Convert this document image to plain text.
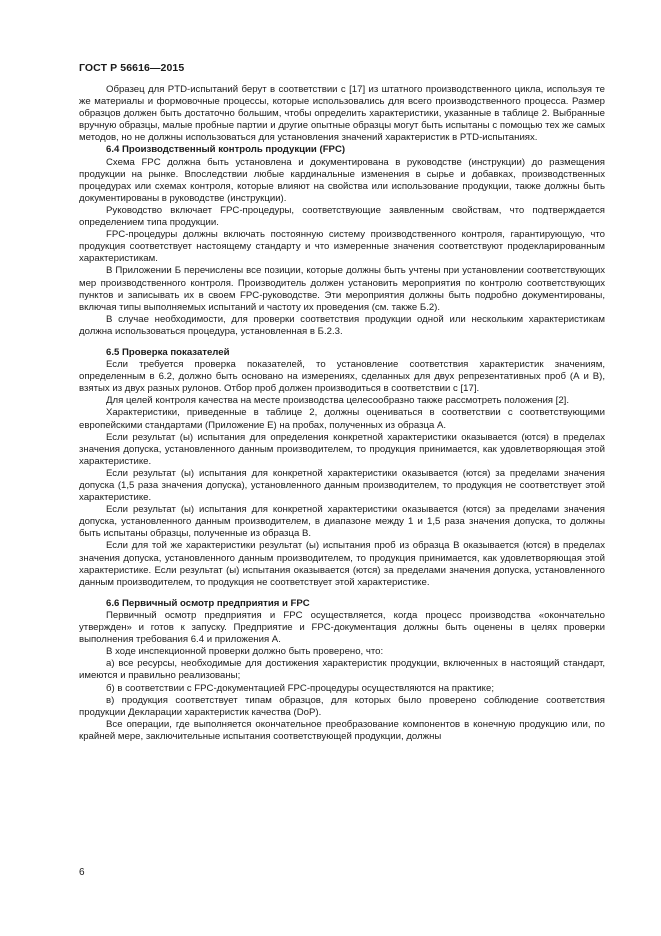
ГОСТ Р 56616—2015

Образец для PTD-испытаний берут в соответствии с [17] из штатного производственного цикла, используя те же материалы и формовочные процессы, которые использовались для всего производственного процесса. Размер образцов должен быть достаточно большим, чтобы определить характеристики, указанные в таблице 2. Выбранные вручную образцы, малые пробные партии и другие опытные образцы могут быть испытаны с помощью тех же самых методов, но не должны использоваться для установления значений характеристик в PTD-испытаниях.

6.4 Производственный контроль продукции (FPC)

Схема FPC должна быть установлена и документирована в руководстве (инструкции) до размещения продукции на рынке. Впоследствии любые кардинальные изменения в сырье и добавках, производственных процедурах или схемах контроля, которые влияют на свойства или использование продукции, также должны быть документированы в руководстве (инструкции).

Руководство включает FPC-процедуры, соответствующие заявленным свойствам, что подтверждается определением типа продукции.

FPC-процедуры должны включать постоянную систему производственного контроля, гарантирующую, что продукция соответствует настоящему стандарту и что измеренные значения соответствуют продекларированным характеристикам.

В Приложении Б перечислены все позиции, которые должны быть учтены при установлении соответствующих мер производственного контроля. Производитель должен установить мероприятия по контролю соответствующих пунктов и записывать их в своем FPC-руководстве. Эти мероприятия должны быть подробно документированы, включая типы выполняемых испытаний и частоту их проведения (см. также Б.2).

В случае необходимости, для проверки соответствия продукции одной или нескольким характеристикам должна использоваться процедура, установленная в Б.2.3.

6.5 Проверка показателей

Если требуется проверка показателей, то установление соответствия характеристик значениям, определенным в 6.2, должно быть основано на измерениях, сделанных для двух репрезентативных проб (А и В), взятых из двух разных рулонов. Отбор проб должен производиться в соответствии с [17].

Для целей контроля качества на месте производства целесообразно также рассмотреть положения [2].

Характеристики, приведенные в таблице 2, должны оцениваться в соответствии с соответствующими европейскими стандартами (Приложение Е) на пробах, полученных из образца А.

Если результат (ы) испытания для определения конкретной характеристики оказывается (ются) в пределах значения допуска, установленного данным производителем, то продукция принимается, как удовлетворяющая этой характеристике.

Если результат (ы) испытания для конкретной характеристики оказывается (ются) за пределами значения допуска (1,5 раза значения допуска), установленного данным производителем, то продукция не соответствует этой характеристике.

Если результат (ы) испытания для конкретной характеристики оказывается (ются) за пределами значения допуска, установленного данным производителем, в диапазоне между 1 и 1,5 раза значения допуска, то должны быть испытаны образцы, полученные из образца В.

Если для той же характеристики результат (ы) испытания проб из образца В оказывается (ются) в пределах значения допуска, установленного данным производителем, то продукция принимается, как удовлетворяющая этой характеристике. Если результат (ы) испытания оказывается (ются) за пределами значения допуска, установленного данным производителем, то продукция не соответствует этой характеристике.

6.6 Первичный осмотр предприятия и FPC

Первичный осмотр предприятия и FPC осуществляется, когда процесс производства «окончательно утвержден» и готов к запуску. Предприятие и FPC-документация должны быть оценены в целях проверки выполнения требования 6.4 и приложения А.

В ходе инспекционной проверки должно быть проверено, что:

а) все ресурсы, необходимые для достижения характеристик продукции, включенных в настоящий стандарт, имеются и правильно реализованы;

б) в соответствии с FPC-документацией FPC-процедуры осуществляются на практике;

в) продукция соответствует типам образцов, для которых было проверено соблюдение соответствия продукции Декларации характеристик качества (DoP).

Все операции, где выполняется окончательное преобразование компонентов в конечную продукцию или, по крайней мере, заключительные испытания соответствующей продукции, должны

6
